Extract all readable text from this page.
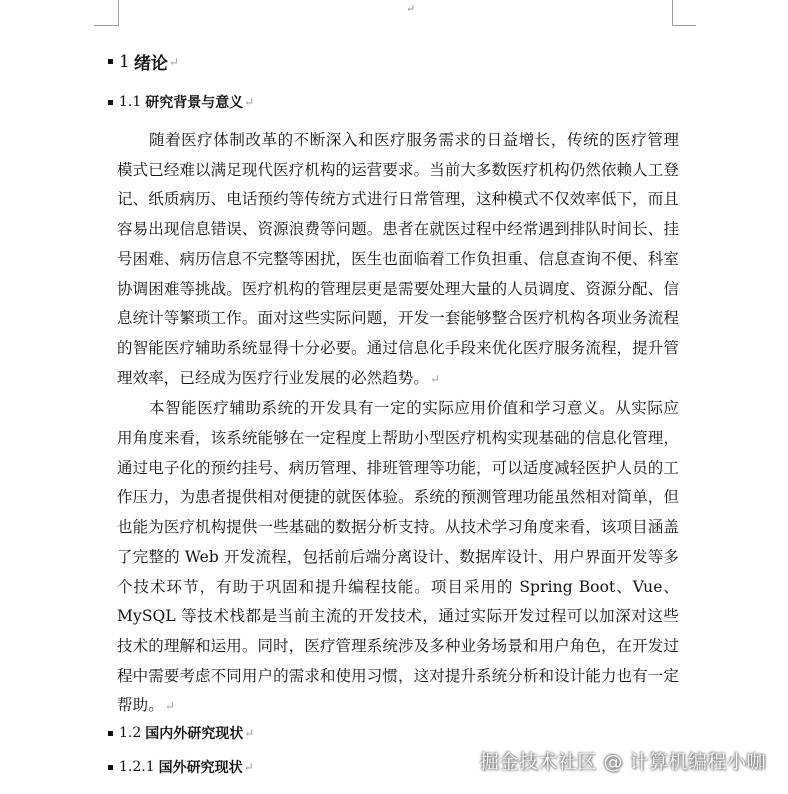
↵
1 绪论 ↵
1.1 研究背景与意义 ↵

随着医疗体制改革的不断深入和医疗服务需求的日益增长，传统的医疗管理模式已经难以满足现代医疗机构的运营要求。当前大多数医疗机构仍然依赖人工登记、纸质病历、电话预约等传统方式进行日常管理，这种模式不仅效率低下，而且容易出现信息错误、资源浪费等问题。患者在就医过程中经常遇到排队时间长、挂号困难、病历信息不完整等困扰，医生也面临着工作负担重、信息查询不便、科室协调困难等挑战。医疗机构的管理层更是需要处理大量的人员调度、资源分配、信息统计等繁琐工作。面对这些实际问题，开发一套能够整合医疗机构各项业务流程的智能医疗辅助系统显得十分必要。通过信息化手段来优化医疗服务流程，提升管理效率，已经成为医疗行业发展的必然趋势。↵

本智能医疗辅助系统的开发具有一定的实际应用价值和学习意义。从实际应用角度来看，该系统能够在一定程度上帮助小型医疗机构实现基础的信息化管理，通过电子化的预约挂号、病历管理、排班管理等功能，可以适度减轻医护人员的工作压力，为患者提供相对便捷的就医体验。系统的预测管理功能虽然相对简单，但也能为医疗机构提供一些基础的数据分析支持。从技术学习角度来看，该项目涵盖了完整的 Web 开发流程，包括前后端分离设计、数据库设计、用户界面开发等多个技术环节，有助于巩固和提升编程技能。项目采用的 Spring Boot、Vue、MySQL 等技术栈都是当前主流的开发技术，通过实际开发过程可以加深对这些技术的理解和运用。同时，医疗管理系统涉及多种业务场景和用户角色，在开发过程中需要考虑不同用户的需求和使用习惯，这对提升系统分析和设计能力也有一定帮助。↵

1.2 国内外研究现状 ↵
1.2.1 国外研究现状 ↵	掘金技术社区 @ 计算机编程小咖
